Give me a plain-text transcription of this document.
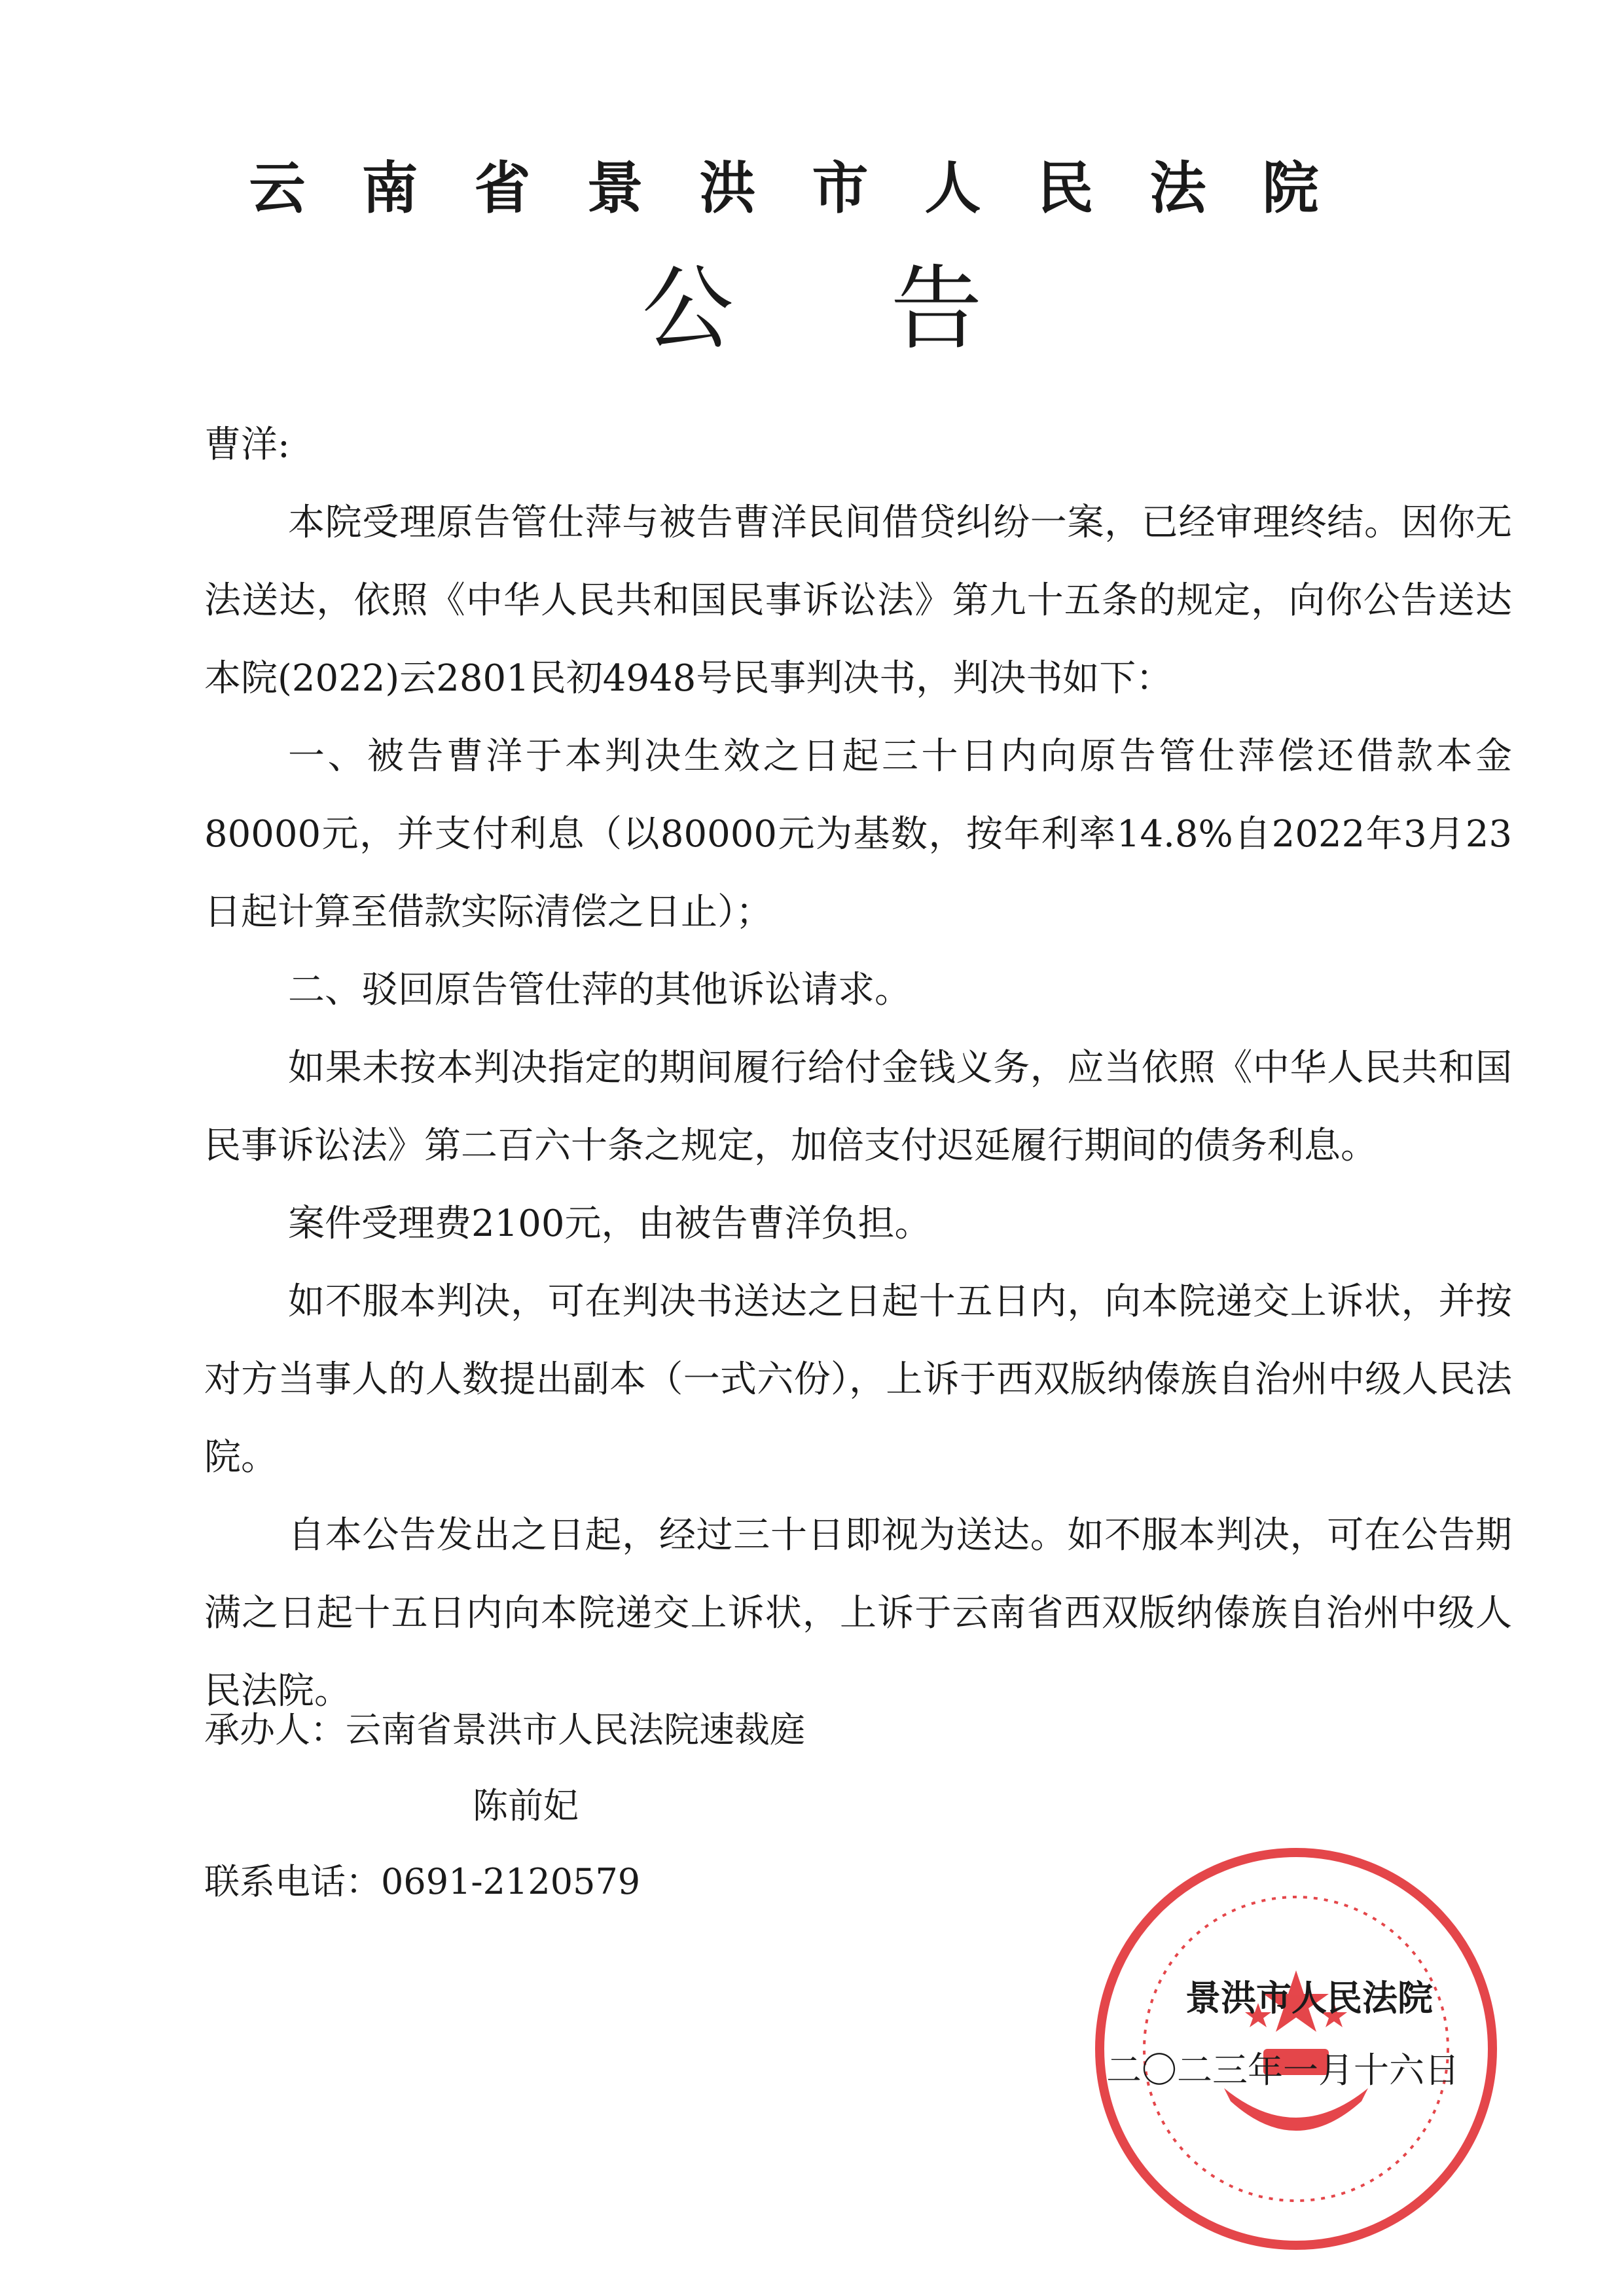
云南省景洪市人民法院
公告

曹洋:

本院受理原告管仕萍与被告曹洋民间借贷纠纷一案，已经审理终结。因你无法送达，依照《中华人民共和国民事诉讼法》第九十五条的规定，向你公告送达本院(2022)云2801民初4948号民事判决书，判决书如下：

一、被告曹洋于本判决生效之日起三十日内向原告管仕萍偿还借款本金80000元，并支付利息（以80000元为基数，按年利率14.8%自2022年3月23日起计算至借款实际清偿之日止）；

二、驳回原告管仕萍的其他诉讼请求。

如果未按本判决指定的期间履行给付金钱义务，应当依照《中华人民共和国民事诉讼法》第二百六十条之规定，加倍支付迟延履行期间的债务利息。

案件受理费2100元，由被告曹洋负担。

如不服本判决，可在判决书送达之日起十五日内，向本院递交上诉状，并按对方当事人的人数提出副本（一式六份），上诉于西双版纳傣族自治州中级人民法院。

自本公告发出之日起，经过三十日即视为送达。如不服本判决，可在公告期满之日起十五日内向本院递交上诉状，上诉于云南省西双版纳傣族自治州中级人民法院。

承办人：云南省景洪市人民法院速裁庭
陈前妃
联系电话：0691-2120579
景洪市人民法院
二〇二三年一月十六日
